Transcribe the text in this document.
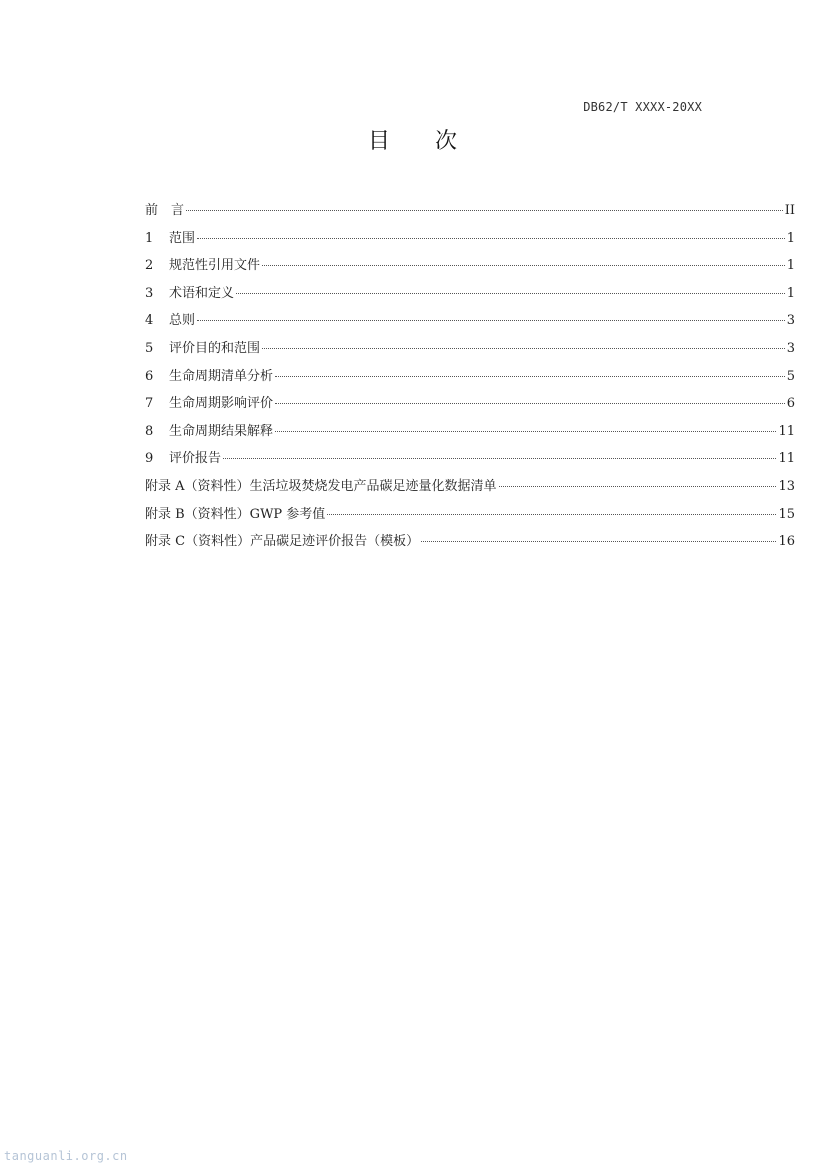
DB62/T XXXX-20XX
目 次
前　言	II
1	范围	1
2	规范性引用文件	1
3	术语和定义	1
4	总则	3
5	评价目的和范围	3
6	生命周期清单分析	5
7	生命周期影响评价	6
8	生命周期结果解释	11
9	评价报告	11
附录 A（资料性）生活垃圾焚烧发电产品碳足迹量化数据清单	13
附录 B（资料性）GWP 参考值	15
附录 C（资料性）产品碳足迹评价报告（模板）	16
tanguanli.org.cn
